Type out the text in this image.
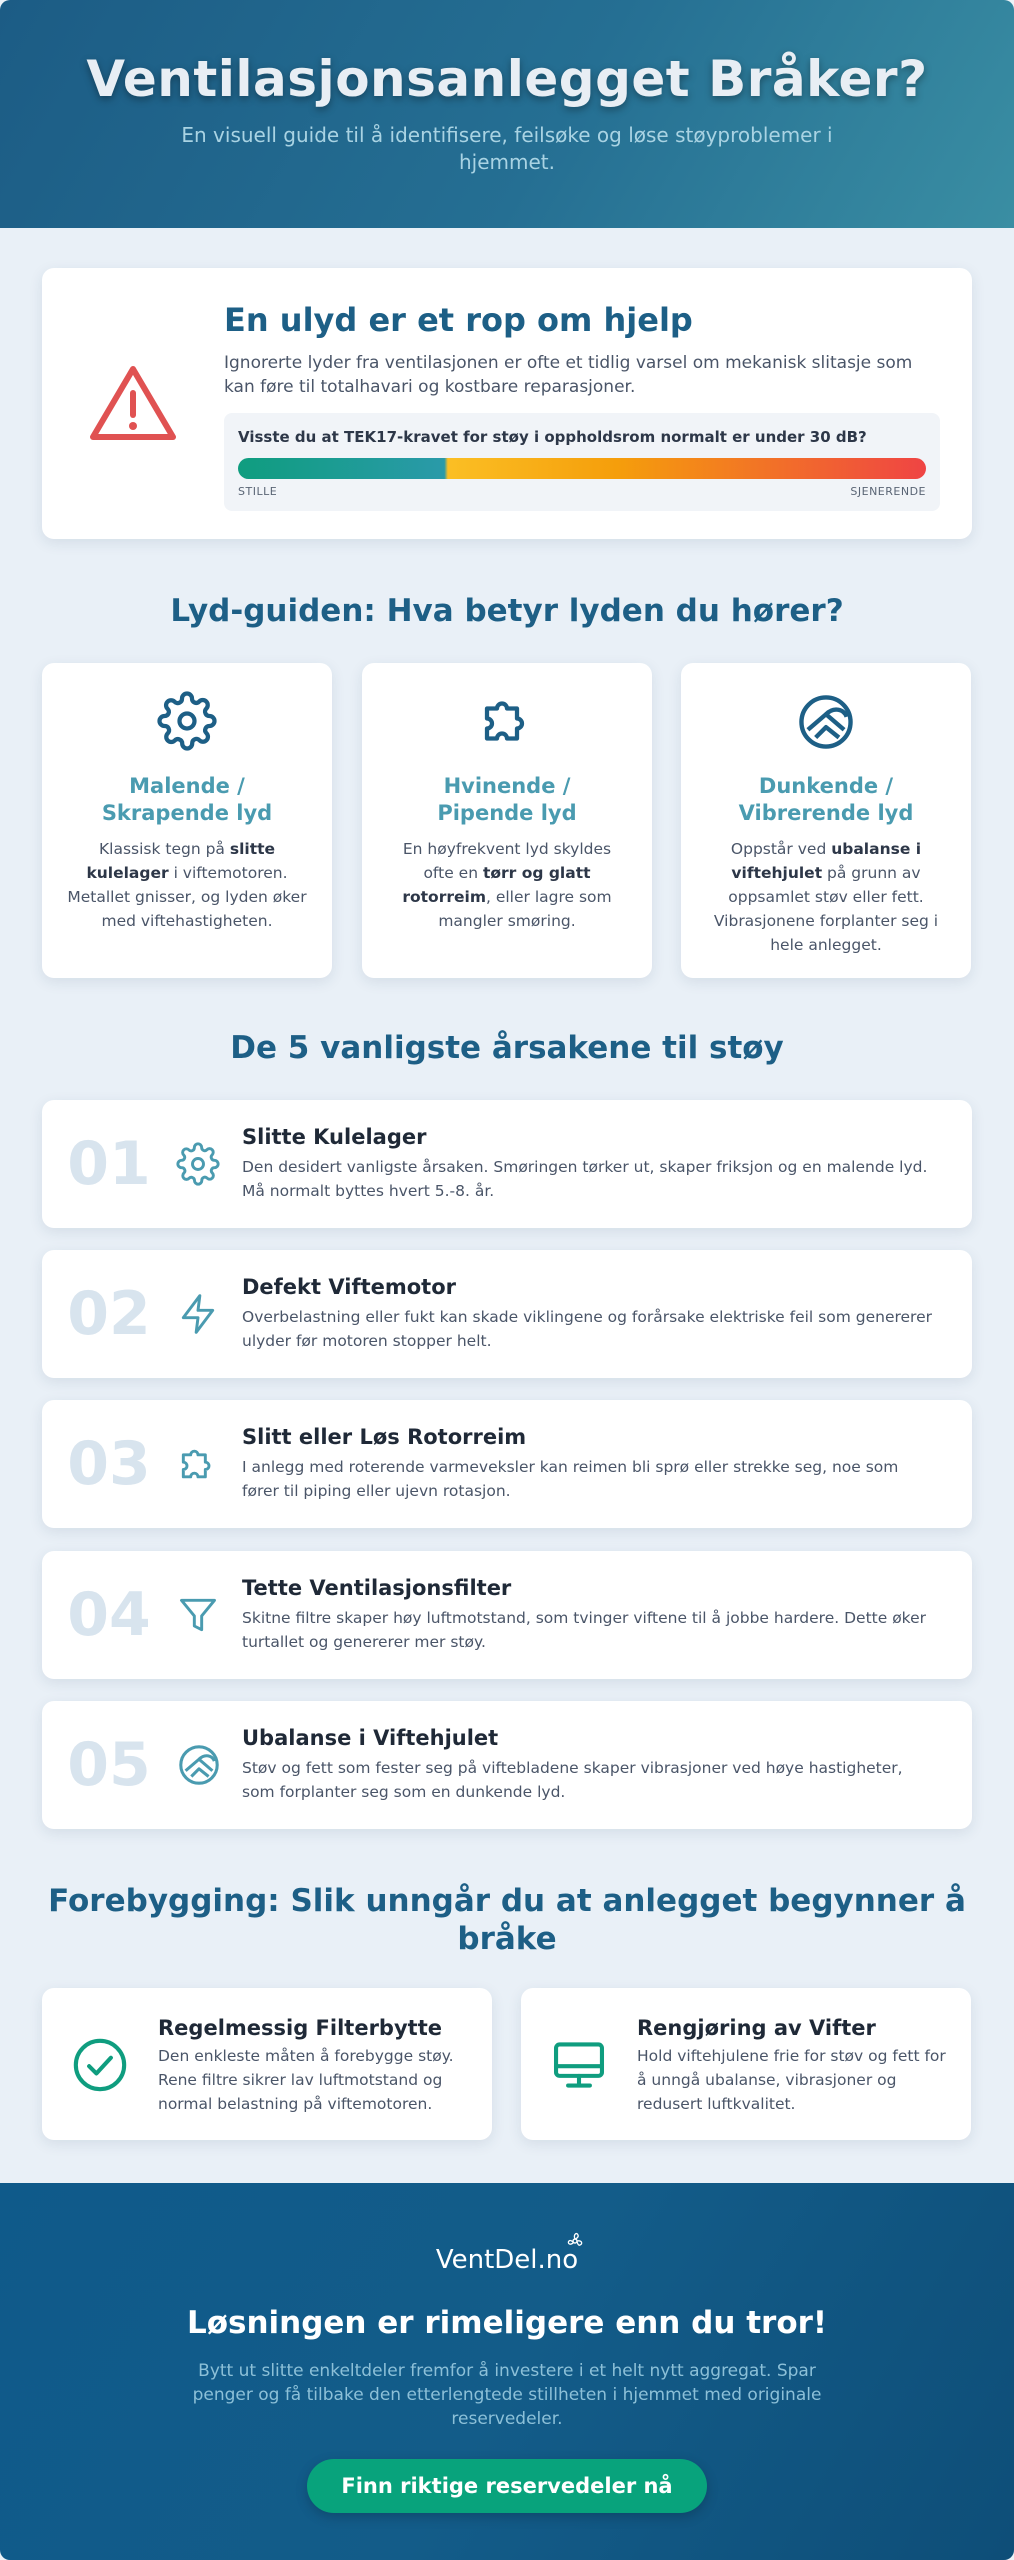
Ventilasjonsanlegget Bråker?

En visuell guide til å identifisere, feilsøke og løse støyproblemer i hjemmet.

En ulyd er et rop om hjelp

Ignorerte lyder fra ventilasjonen er ofte et tidlig varsel om mekanisk slitasje som kan føre til totalhavari og kostbare reparasjoner.

Visste du at TEK17-kravet for støy i oppholdsrom normalt er under 30 dB?
STILLE	SJENERENDE
Lyd-guiden: Hva betyr lyden du hører?
Malende / Skrapende lyd

Klassisk tegn på slitte kulelager i viftemotoren. Metallet gnisser, og lyden øker med viftehastigheten.

Hvinende / Pipende lyd

En høyfrekvent lyd skyldes ofte en tørr og glatt rotorreim, eller lagre som mangler smøring.

Dunkende / Vibrerende lyd

Oppstår ved ubalanse i viftehjulet på grunn av oppsamlet støv eller fett. Vibrasjonene forplanter seg i hele anlegget.

De 5 vanligste årsakene til støy
01	Slitte Kulelager

Den desidert vanligste årsaken. Smøringen tørker ut, skaper friksjon og en malende lyd. Må normalt byttes hvert 5.-8. år.

02	Defekt Viftemotor

Overbelastning eller fukt kan skade viklingene og forårsake elektriske feil som genererer ulyder før motoren stopper helt.

03	Slitt eller Løs Rotorreim

I anlegg med roterende varmeveksler kan reimen bli sprø eller strekke seg, noe som fører til piping eller ujevn rotasjon.

04	Tette Ventilasjonsfilter

Skitne filtre skaper høy luftmotstand, som tvinger viftene til å jobbe hardere. Dette øker turtallet og genererer mer støy.

05	Ubalanse i Viftehjulet

Støv og fett som fester seg på viftebladene skaper vibrasjoner ved høye hastigheter, som forplanter seg som en dunkende lyd.

Forebygging: Slik unngår du at anlegget begynner å bråke
Regelmessig Filterbytte

Den enkleste måten å forebygge støy. Rene filtre sikrer lav luftmotstand og normal belastning på viftemotoren.

Rengjøring av Vifter

Hold viftehjulene frie for støv og fett for å unngå ubalanse, vibrasjoner og redusert luftkvalitet.

VentDel.no
Løsningen er rimeligere enn du tror!

Bytt ut slitte enkeltdeler fremfor å investere i et helt nytt aggregat. Spar penger og få tilbake den etterlengtede stillheten i hjemmet med originale reservedeler.

Finn riktige reservedeler nå
